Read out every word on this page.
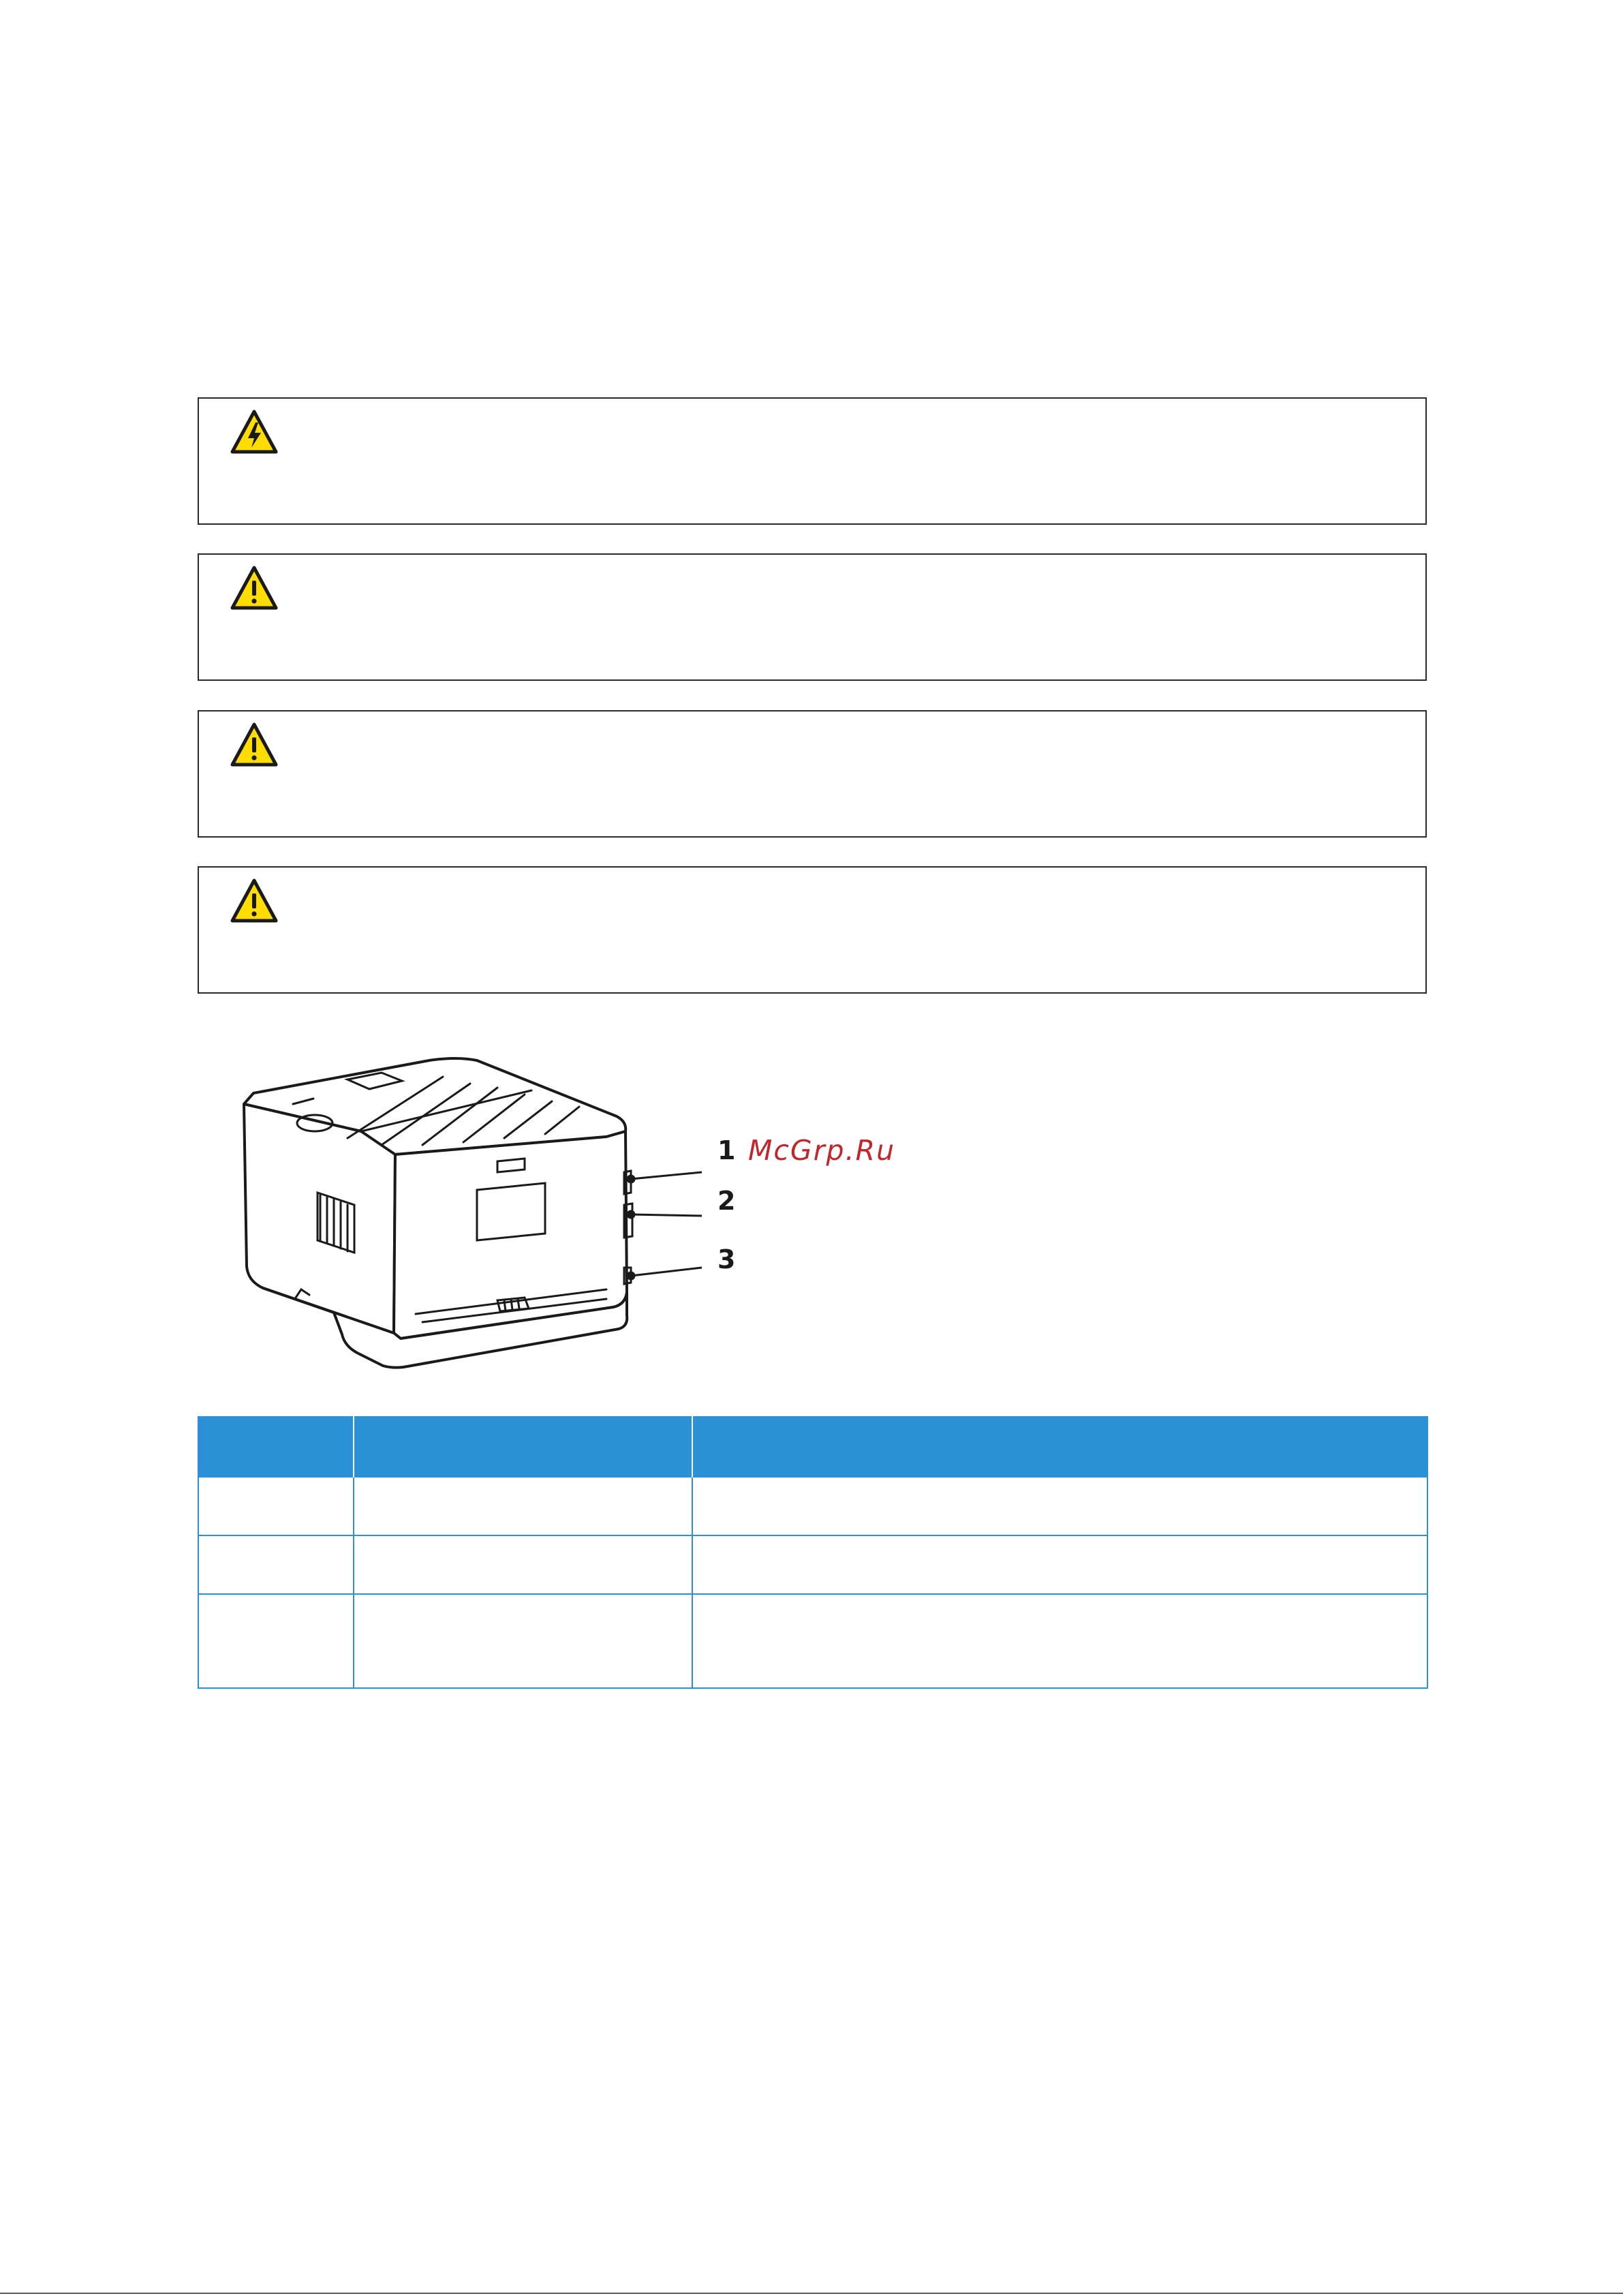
1
2
3
McGrp.Ru
